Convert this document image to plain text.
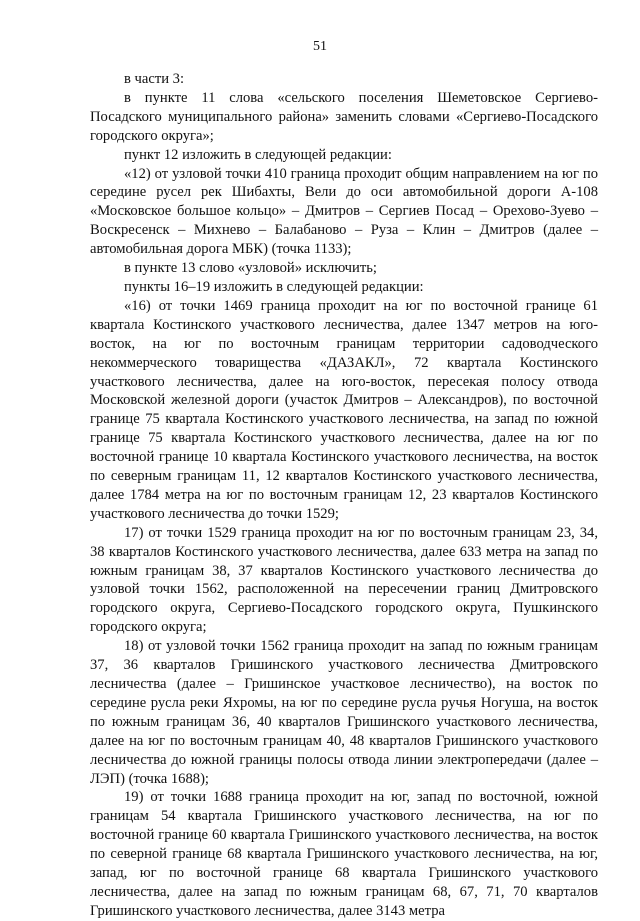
51

в части 3:

в пункте 11 слова «сельского поселения Шеметовское Сергиево-Посадского муниципального района» заменить словами «Сергиево-Посадского городского округа»;

пункт 12 изложить в следующей редакции:

«12) от узловой точки 410 граница проходит общим направлением на юг по середине русел рек Шибахты, Вели до оси автомобильной дороги А-108 «Московское большое кольцо» – Дмитров – Сергиев Посад – Орехово-Зуево – Воскресенск – Михнево – Балабаново – Руза – Клин – Дмитров (далее – автомобильная дорога МБК) (точка 1133);

в пункте 13 слово «узловой» исключить;

пункты 16–19 изложить в следующей редакции:

«16) от точки 1469 граница проходит на юг по восточной границе 61 квартала Костинского участкового лесничества, далее 1347 метров на юго-восток, на юг по восточным границам территории садоводческого некоммерческого товарищества «ДАЗАКЛ», 72 квартала Костинского участкового лесничества, далее на юго-восток, пересекая полосу отвода Московской железной дороги (участок Дмитров – Александров), по восточной границе 75 квартала Костинского участкового лесничества, на запад по южной границе 75 квартала Костинского участкового лесничества, далее на юг по восточной границе 10 квартала Костинского участкового лесничества, на восток по северным границам 11, 12 кварталов Костинского участкового лесничества, далее 1784 метра на юг по восточным границам 12, 23 кварталов Костинского участкового лесничества до точки 1529;

17) от точки 1529 граница проходит на юг по восточным границам 23, 34, 38 кварталов Костинского участкового лесничества, далее 633 метра на запад по южным границам 38, 37 кварталов Костинского участкового лесничества до узловой точки 1562, расположенной на пересечении границ Дмитровского городского округа, Сергиево-Посадского городского округа, Пушкинского городского округа;

18) от узловой точки 1562 граница проходит на запад по южным границам 37, 36 кварталов Гришинского участкового лесничества Дмитровского лесничества (далее – Гришинское участковое лесничество), на восток по середине русла реки Яхромы, на юг по середине русла ручья Ногуша, на восток по южным границам 36, 40 кварталов Гришинского участкового лесничества, далее на юг по восточным границам 40, 48 кварталов Гришинского участкового лесничества до южной границы полосы отвода линии электропередачи (далее – ЛЭП) (точка 1688);

19) от точки 1688 граница проходит на юг, запад по восточной, южной границам 54 квартала Гришинского участкового лесничества, на юг по восточной границе 60 квартала Гришинского участкового лесничества, на восток по северной границе 68 квартала Гришинского участкового лесничества, на юг, запад, юг по восточной границе 68 квартала Гришинского участкового лесничества, далее на запад по южным границам 68, 67, 71, 70 кварталов Гришинского участкового лесничества, далее 3143 метра
